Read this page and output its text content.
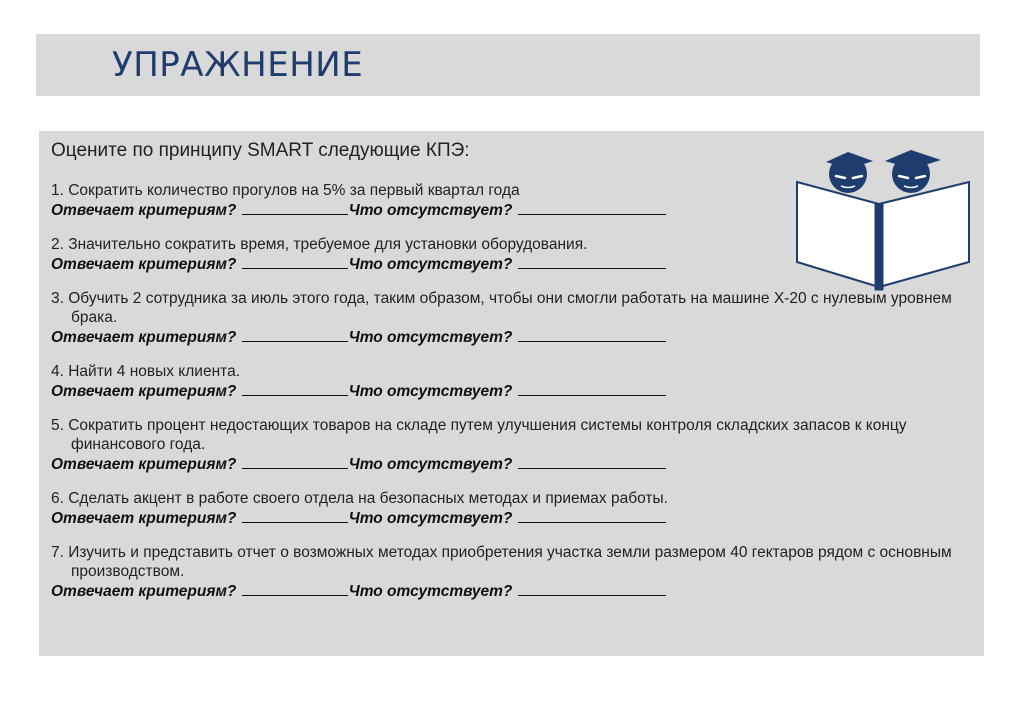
УПРАЖНЕНИЕ
Оцените по принципу SMART следующие КПЭ:
1. Сократить количество прогулов на 5% за первый квартал года
Отвечает критериям?	Что отсутствует?
2. Значительно сократить время, требуемое для установки оборудования.
Отвечает критериям?	Что отсутствует?
3. Обучить 2 сотрудника за июль этого года, таким образом, чтобы они смогли работать на машине X-20 с нулевым уровнем брака.
Отвечает критериям?	Что отсутствует?
4. Найти 4 новых клиента.
Отвечает критериям?	Что отсутствует?
5. Сократить процент недостающих товаров на складе путем улучшения системы контроля складских запасов к концу финансового года.
Отвечает критериям?	Что отсутствует?
6. Сделать акцент в работе своего отдела на безопасных методах и приемах работы.
Отвечает критериям?	Что отсутствует?
7. Изучить и представить отчет о возможных методах приобретения участка земли размером 40 гектаров рядом с основным производством.
Отвечает критериям?	Что отсутствует?
